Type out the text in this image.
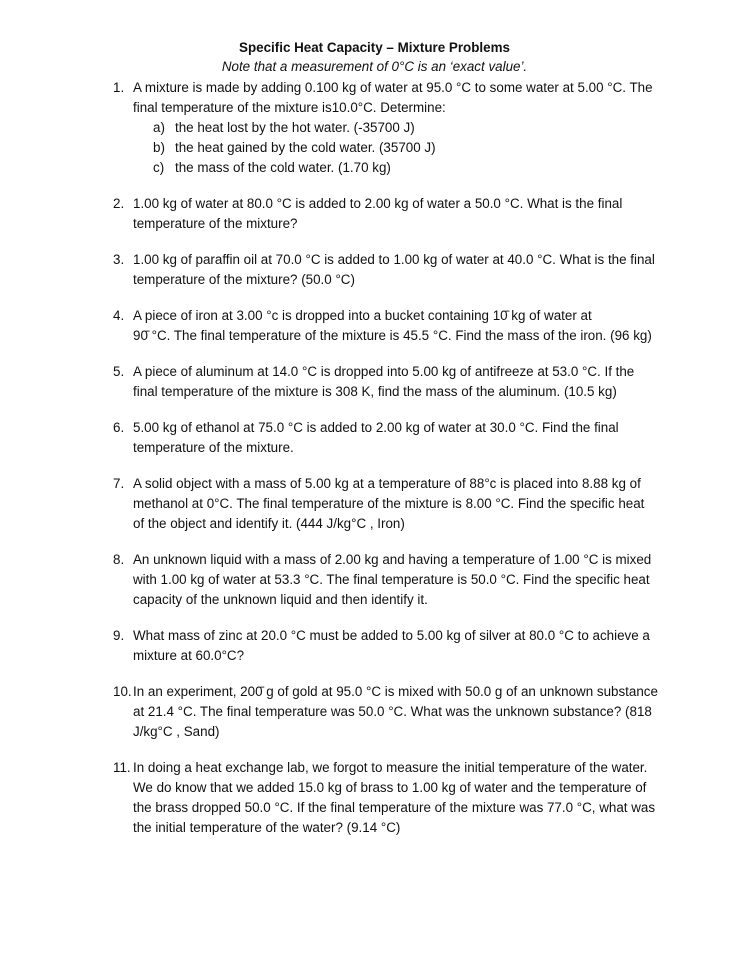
Specific Heat Capacity – Mixture Problems
Note that a measurement of 0°C is an ‘exact value’.
1. A mixture is made by adding 0.100 kg of water at 95.0 °C to some water at 5.00 °C. The
final temperature of the mixture is10.0°C. Determine:
a) the heat lost by the hot water. (-35700 J)
b) the heat gained by the cold water. (35700 J)
c) the mass of the cold water. (1.70 kg)
2. 1.00 kg of water at 80.0 °C is added to 2.00 kg of water a 50.0 °C. What is the final
temperature of the mixture?
3. 1.00 kg of paraffin oil at 70.0 °C is added to 1.00 kg of water at 40.0 °C. What is the final
temperature of the mixture? (50.0 °C)
4. A piece of iron at 3.00 °c is dropped into a bucket containing 10̄ kg of water at
90̄ °C. The final temperature of the mixture is 45.5 °C. Find the mass of the iron. (96 kg)
5. A piece of aluminum at 14.0 °C is dropped into 5.00 kg of antifreeze at 53.0 °C. If the
final temperature of the mixture is 308 K, find the mass of the aluminum. (10.5 kg)
6. 5.00 kg of ethanol at 75.0 °C is added to 2.00 kg of water at 30.0 °C. Find the final
temperature of the mixture.
7. A solid object with a mass of 5.00 kg at a temperature of 88°c is placed into 8.88 kg of
methanol at 0°C. The final temperature of the mixture is 8.00 °C. Find the specific heat
of the object and identify it. (444 J/kg°C , Iron)
8. An unknown liquid with a mass of 2.00 kg and having a temperature of 1.00 °C is mixed
with 1.00 kg of water at 53.3 °C. The final temperature is 50.0 °C. Find the specific heat
capacity of the unknown liquid and then identify it.
9. What mass of zinc at 20.0 °C must be added to 5.00 kg of silver at 80.0 °C to achieve a
mixture at 60.0°C?
10. In an experiment, 200̄ g of gold at 95.0 °C is mixed with 50.0 g of an unknown substance
at 21.4 °C. The final temperature was 50.0 °C. What was the unknown substance? (818
J/kg°C , Sand)
11. In doing a heat exchange lab, we forgot to measure the initial temperature of the water.
We do know that we added 15.0 kg of brass to 1.00 kg of water and the temperature of
the brass dropped 50.0 °C. If the final temperature of the mixture was 77.0 °C, what was
the initial temperature of the water? (9.14 °C)
